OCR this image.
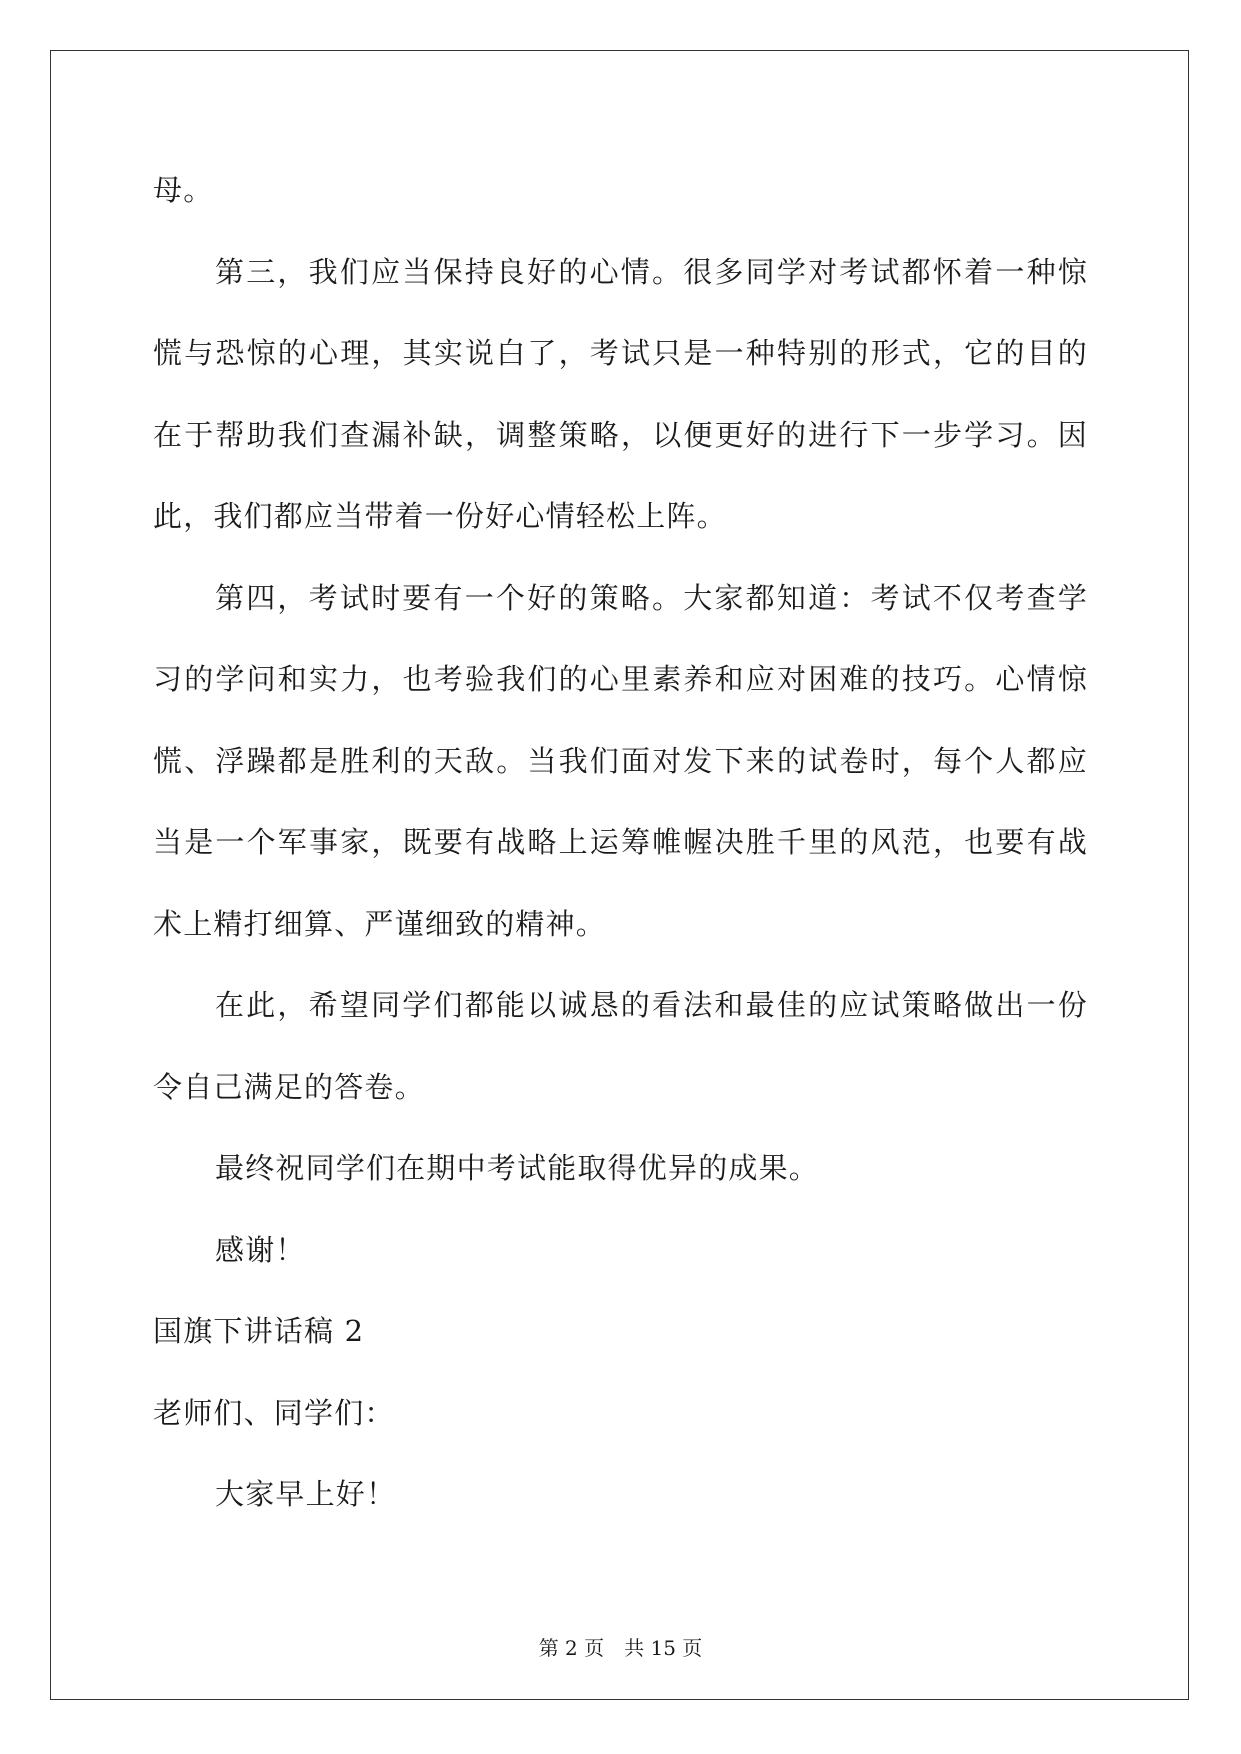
母。

第三，我们应当保持良好的心情。很多同学对考试都怀着一种惊慌与恐惊的心理，其实说白了，考试只是一种特别的形式，它的目的在于帮助我们查漏补缺，调整策略，以便更好的进行下一步学习。因此，我们都应当带着一份好心情轻松上阵。

第四，考试时要有一个好的策略。大家都知道：考试不仅考查学习的学问和实力，也考验我们的心里素养和应对困难的技巧。心情惊慌、浮躁都是胜利的天敌。当我们面对发下来的试卷时，每个人都应当是一个军事家，既要有战略上运筹帷幄决胜千里的风范，也要有战术上精打细算、严谨细致的精神。

在此，希望同学们都能以诚恳的看法和最佳的应试策略做出一份令自己满足的答卷。

最终祝同学们在期中考试能取得优异的成果。

感谢！

国旗下讲话稿 2

老师们、同学们：

大家早上好！

第 2 页　共 15 页
